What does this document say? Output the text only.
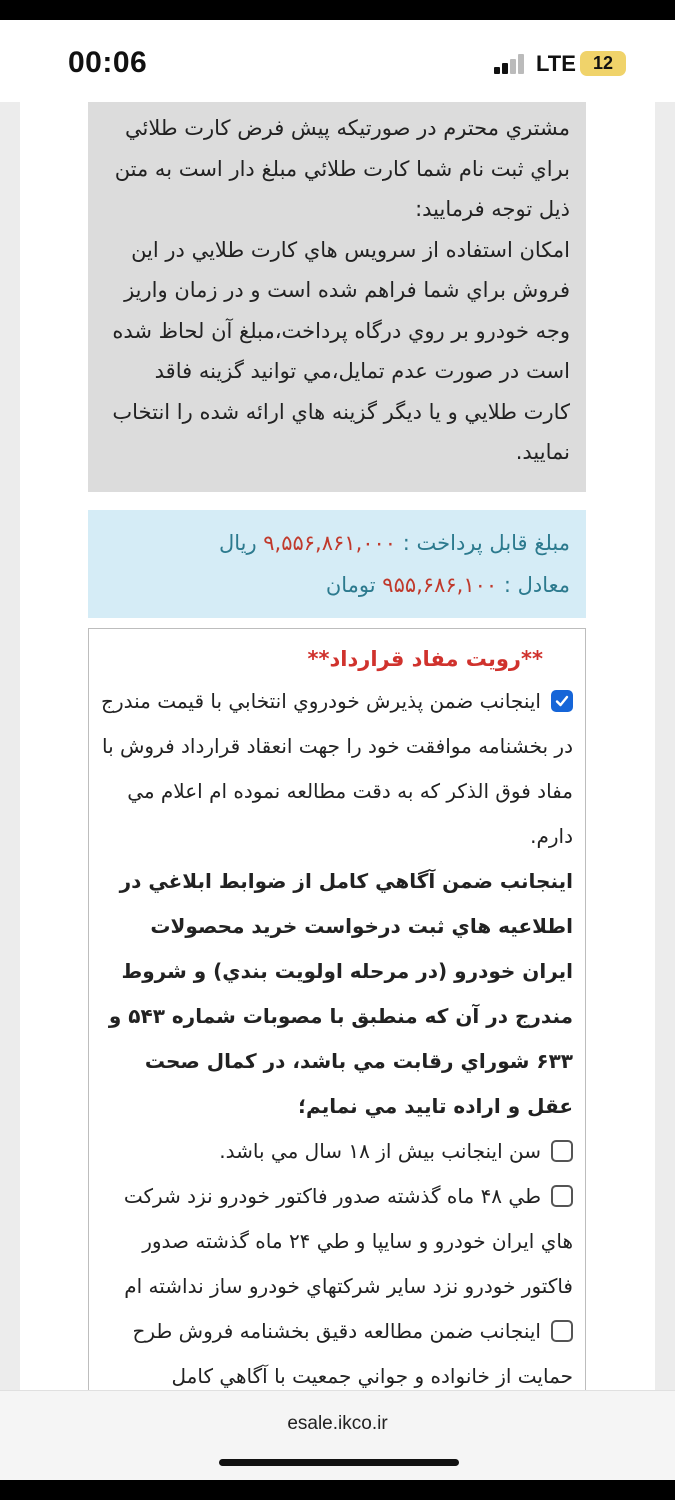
00:06	LTE 12
مشتري محترم در صورتيكه پيش فرض كارت طلائي براي ثبت نام شما كارت طلائي مبلغ دار است به متن ذيل توجه فرماييد:
امكان استفاده از سرويس هاي كارت طلايي در اين فروش براي شما فراهم شده است و در زمان واريز وجه خودرو بر روي درگاه پرداخت،مبلغ آن لحاظ شده است در صورت عدم تمايل،مي توانيد گزينه فاقد كارت طلايي و يا ديگر گزينه هاي ارائه شده را انتخاب نماييد.
مبلغ قابل پرداخت : ۹,۵۵۶,۸۶۱,۰۰۰ ریال
معادل : ۹۵۵,۶۸۶,۱۰۰ تومان
**رويت مفاد قرارداد**
اينجانب ضمن پذيرش خودروي انتخابي با قيمت مندرج در بخشنامه موافقت خود را جهت انعقاد قرارداد فروش با مفاد فوق الذكر كه به دقت مطالعه نموده ام اعلام مي دارم.
اينجانب ضمن آگاهي كامل از ضوابط ابلاغي در اطلاعيه هاي ثبت درخواست خريد محصولات ايران خودرو (در مرحله اولويت بندي) و شروط مندرج در آن كه منطبق با مصوبات شماره ۵۴۳ و ۶۳۳ شوراي رقابت مي باشد، در كمال صحت عقل و اراده تاييد مي نمايم؛
سن اينجانب بيش از ۱۸ سال مي باشد.
طي ۴۸ ماه گذشته صدور فاكتور خودرو نزد شركت هاي ايران خودرو و سايپا و طي ۲۴ ماه گذشته صدور فاكتور خودرو نزد ساير شركتهاي خودرو ساز نداشته ام
اينجانب ضمن مطالعه دقيق بخشنامه فروش طرح حمايت از خانواده و جواني جمعيت با آگاهي كامل
esale.ikco.ir
